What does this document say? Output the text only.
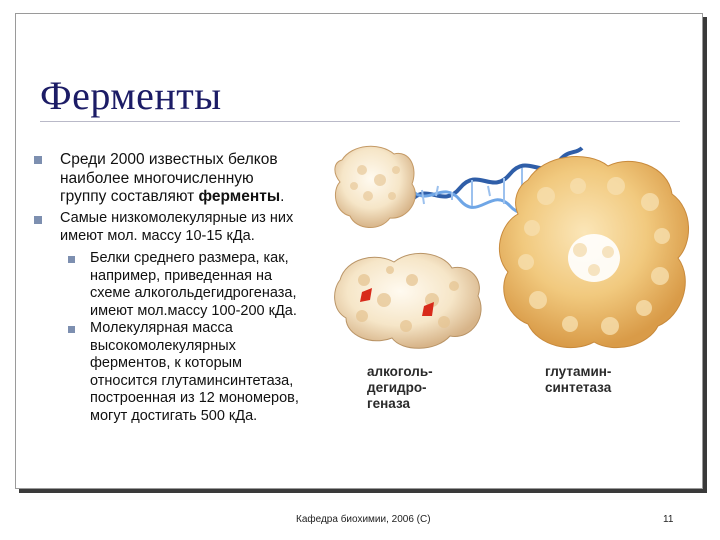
Ферменты
Среди 2000 известных белков
наиболее многочисленную
группу составляют ферменты.
Самые низкомолекулярные из них
имеют мол. массу 10-15 кДа.
Белки среднего размера, как,
например, приведенная на
схеме алкогольдегидрогеназа,
имеют мол.массу 100-200 кДа.
Молекулярная масса
высокомолекулярных
ферментов, к которым
относится глутаминсинтетаза,
построенная из 12 мономеров,
могут достигать 500 кДа.
алкоголь-
дегидро-
геназа
глутамин-
синтетаза
Кафедра биохимии, 2006 (С)	11
